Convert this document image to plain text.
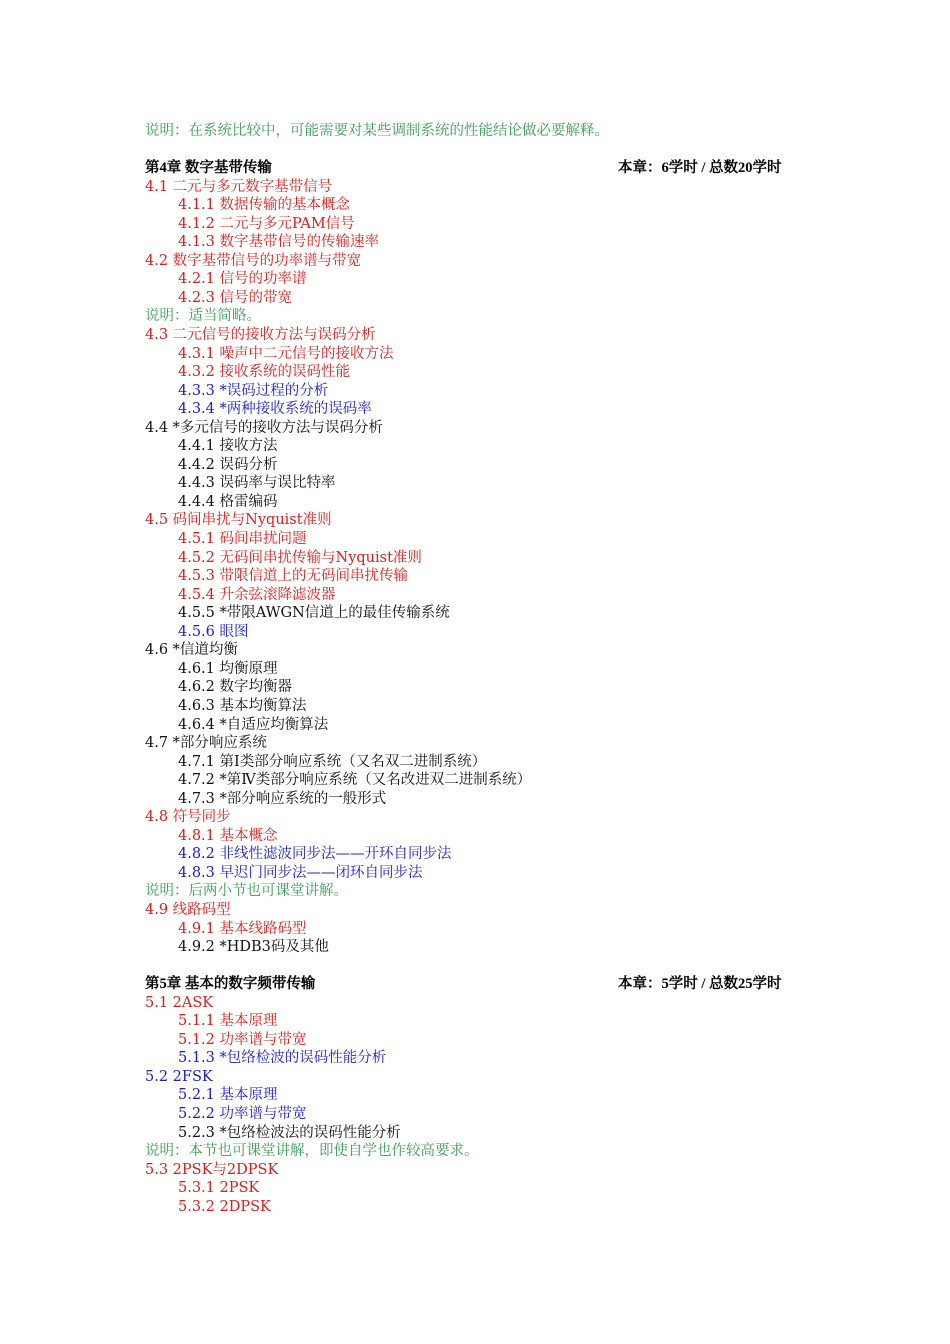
说明：在系统比较中，可能需要对某些调制系统的性能结论做必要解释。
第4章 数字基带传输	本章：6学时 / 总数20学时
4.1 二元与多元数字基带信号
4.1.1 数据传输的基本概念
4.1.2 二元与多元PAM信号
4.1.3 数字基带信号的传输速率
4.2 数字基带信号的功率谱与带宽
4.2.1 信号的功率谱
4.2.3 信号的带宽
说明：适当简略。
4.3 二元信号的接收方法与误码分析
4.3.1 噪声中二元信号的接收方法
4.3.2 接收系统的误码性能
4.3.3 *误码过程的分析
4.3.4 *两种接收系统的误码率
4.4 *多元信号的接收方法与误码分析
4.4.1 接收方法
4.4.2 误码分析
4.4.3 误码率与误比特率
4.4.4 格雷编码
4.5 码间串扰与Nyquist准则
4.5.1 码间串扰问题
4.5.2 无码间串扰传输与Nyquist准则
4.5.3 带限信道上的无码间串扰传输
4.5.4 升余弦滚降滤波器
4.5.5 *带限AWGN信道上的最佳传输系统
4.5.6 眼图
4.6 *信道均衡
4.6.1 均衡原理
4.6.2 数字均衡器
4.6.3 基本均衡算法
4.6.4 *自适应均衡算法
4.7 *部分响应系统
4.7.1 第Ⅰ类部分响应系统（又名双二进制系统）
4.7.2 *第Ⅳ类部分响应系统（又名改进双二进制系统）
4.7.3 *部分响应系统的一般形式
4.8 符号同步
4.8.1 基本概念
4.8.2 非线性滤波同步法——开环自同步法
4.8.3 早迟门同步法——闭环自同步法
说明：后两小节也可课堂讲解。
4.9 线路码型
4.9.1 基本线路码型
4.9.2 *HDB3码及其他
第5章 基本的数字频带传输	本章：5学时 / 总数25学时
5.1 2ASK
5.1.1 基本原理
5.1.2 功率谱与带宽
5.1.3 *包络检波的误码性能分析
5.2 2FSK
5.2.1 基本原理
5.2.2 功率谱与带宽
5.2.3 *包络检波法的误码性能分析
说明：本节也可课堂讲解，即使自学也作较高要求。
5.3 2PSK与2DPSK
5.3.1 2PSK
5.3.2 2DPSK
